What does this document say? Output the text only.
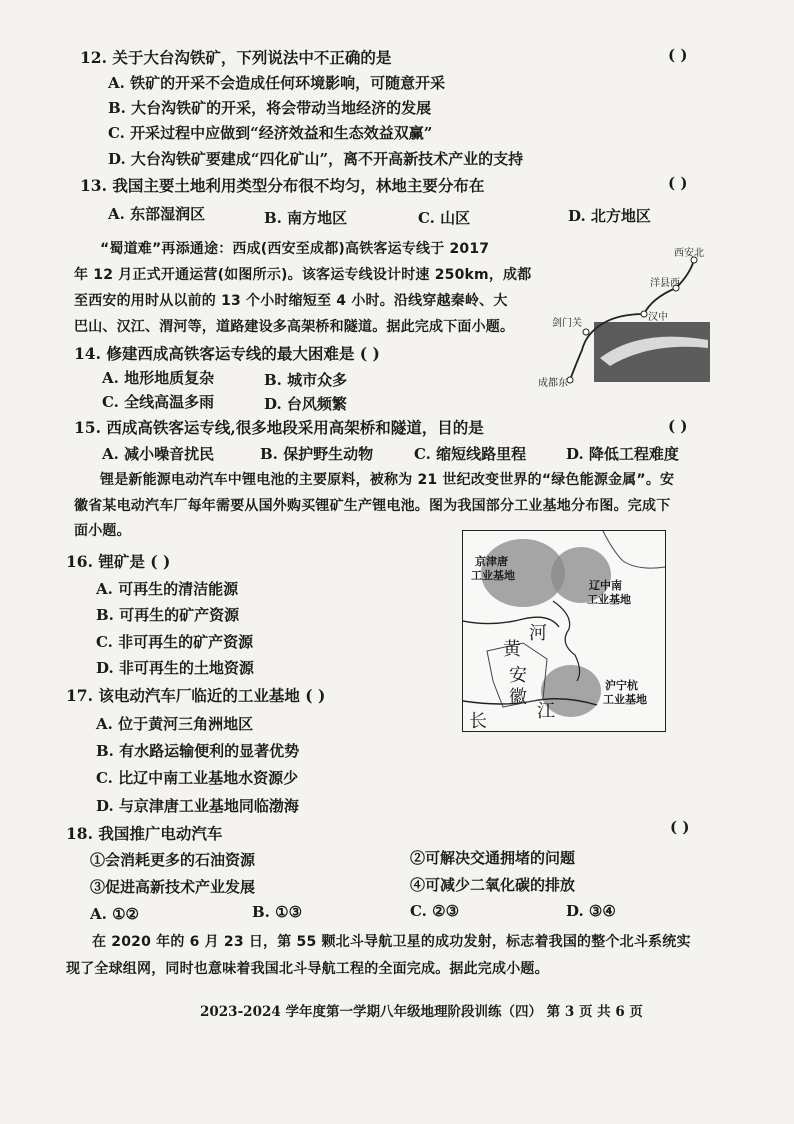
12. 关于大台沟铁矿，下列说法中不正确的是	( )
A. 铁矿的开采不会造成任何环境影响，可随意开采
B. 大台沟铁矿的开采，将会带动当地经济的发展
C. 开采过程中应做到“经济效益和生态效益双赢”
D. 大台沟铁矿要建成“四化矿山”，离不开高新技术产业的支持
13. 我国主要土地利用类型分布很不均匀，林地主要分布在	( )
A. 东部湿润区	B. 南方地区	C. 山区	D. 北方地区
“蜀道难”再添通途：西成(西安至成都)高铁客运专线于 2017
年 12 月正式开通运营(如图所示)。该客运专线设计时速 250km，成都
至西安的用时从以前的 13 个小时缩短至 4 小时。沿线穿越秦岭、大
巴山、汉江、渭河等，道路建设多高架桥和隧道。据此完成下面小题。
西安北
洋县西
汉中
剑门关
成都东
14. 修建西成高铁客运专线的最大困难是 ( )
A. 地形地质复杂	B. 城市众多
C. 全线高温多雨	D. 台风频繁
15. 西成高铁客运专线,很多地段采用高架桥和隧道，目的是	( )
A. 减小噪音扰民	B. 保护野生动物	C. 缩短线路里程	D. 降低工程难度
锂是新能源电动汽车中锂电池的主要原料，被称为 21 世纪改变世界的“绿色能源金属”。安
徽省某电动汽车厂每年需要从国外购买锂矿生产锂电池。图为我国部分工业基地分布图。完成下
面小题。
京津唐
工业基地
辽中南
工业基地
河
黄
安
徽
江
长
沪宁杭
工业基地
16. 锂矿是 ( )
A. 可再生的清洁能源
B. 可再生的矿产资源
C. 非可再生的矿产资源
D. 非可再生的土地资源
17. 该电动汽车厂临近的工业基地 ( )
A. 位于黄河三角洲地区
B. 有水路运输便利的显著优势
C. 比辽中南工业基地水资源少
D. 与京津唐工业基地同临渤海
18. 我国推广电动汽车	( )
①会消耗更多的石油资源	②可解决交通拥堵的问题
③促进高新技术产业发展	④可减少二氧化碳的排放
A. ①②	B. ①③	C. ②③	D. ③④
在 2020 年的 6 月 23 日，第 55 颗北斗导航卫星的成功发射，标志着我国的整个北斗系统实
现了全球组网，同时也意味着我国北斗导航工程的全面完成。据此完成小题。
2023-2024 学年度第一学期八年级地理阶段训练（四） 第 3 页 共 6 页
